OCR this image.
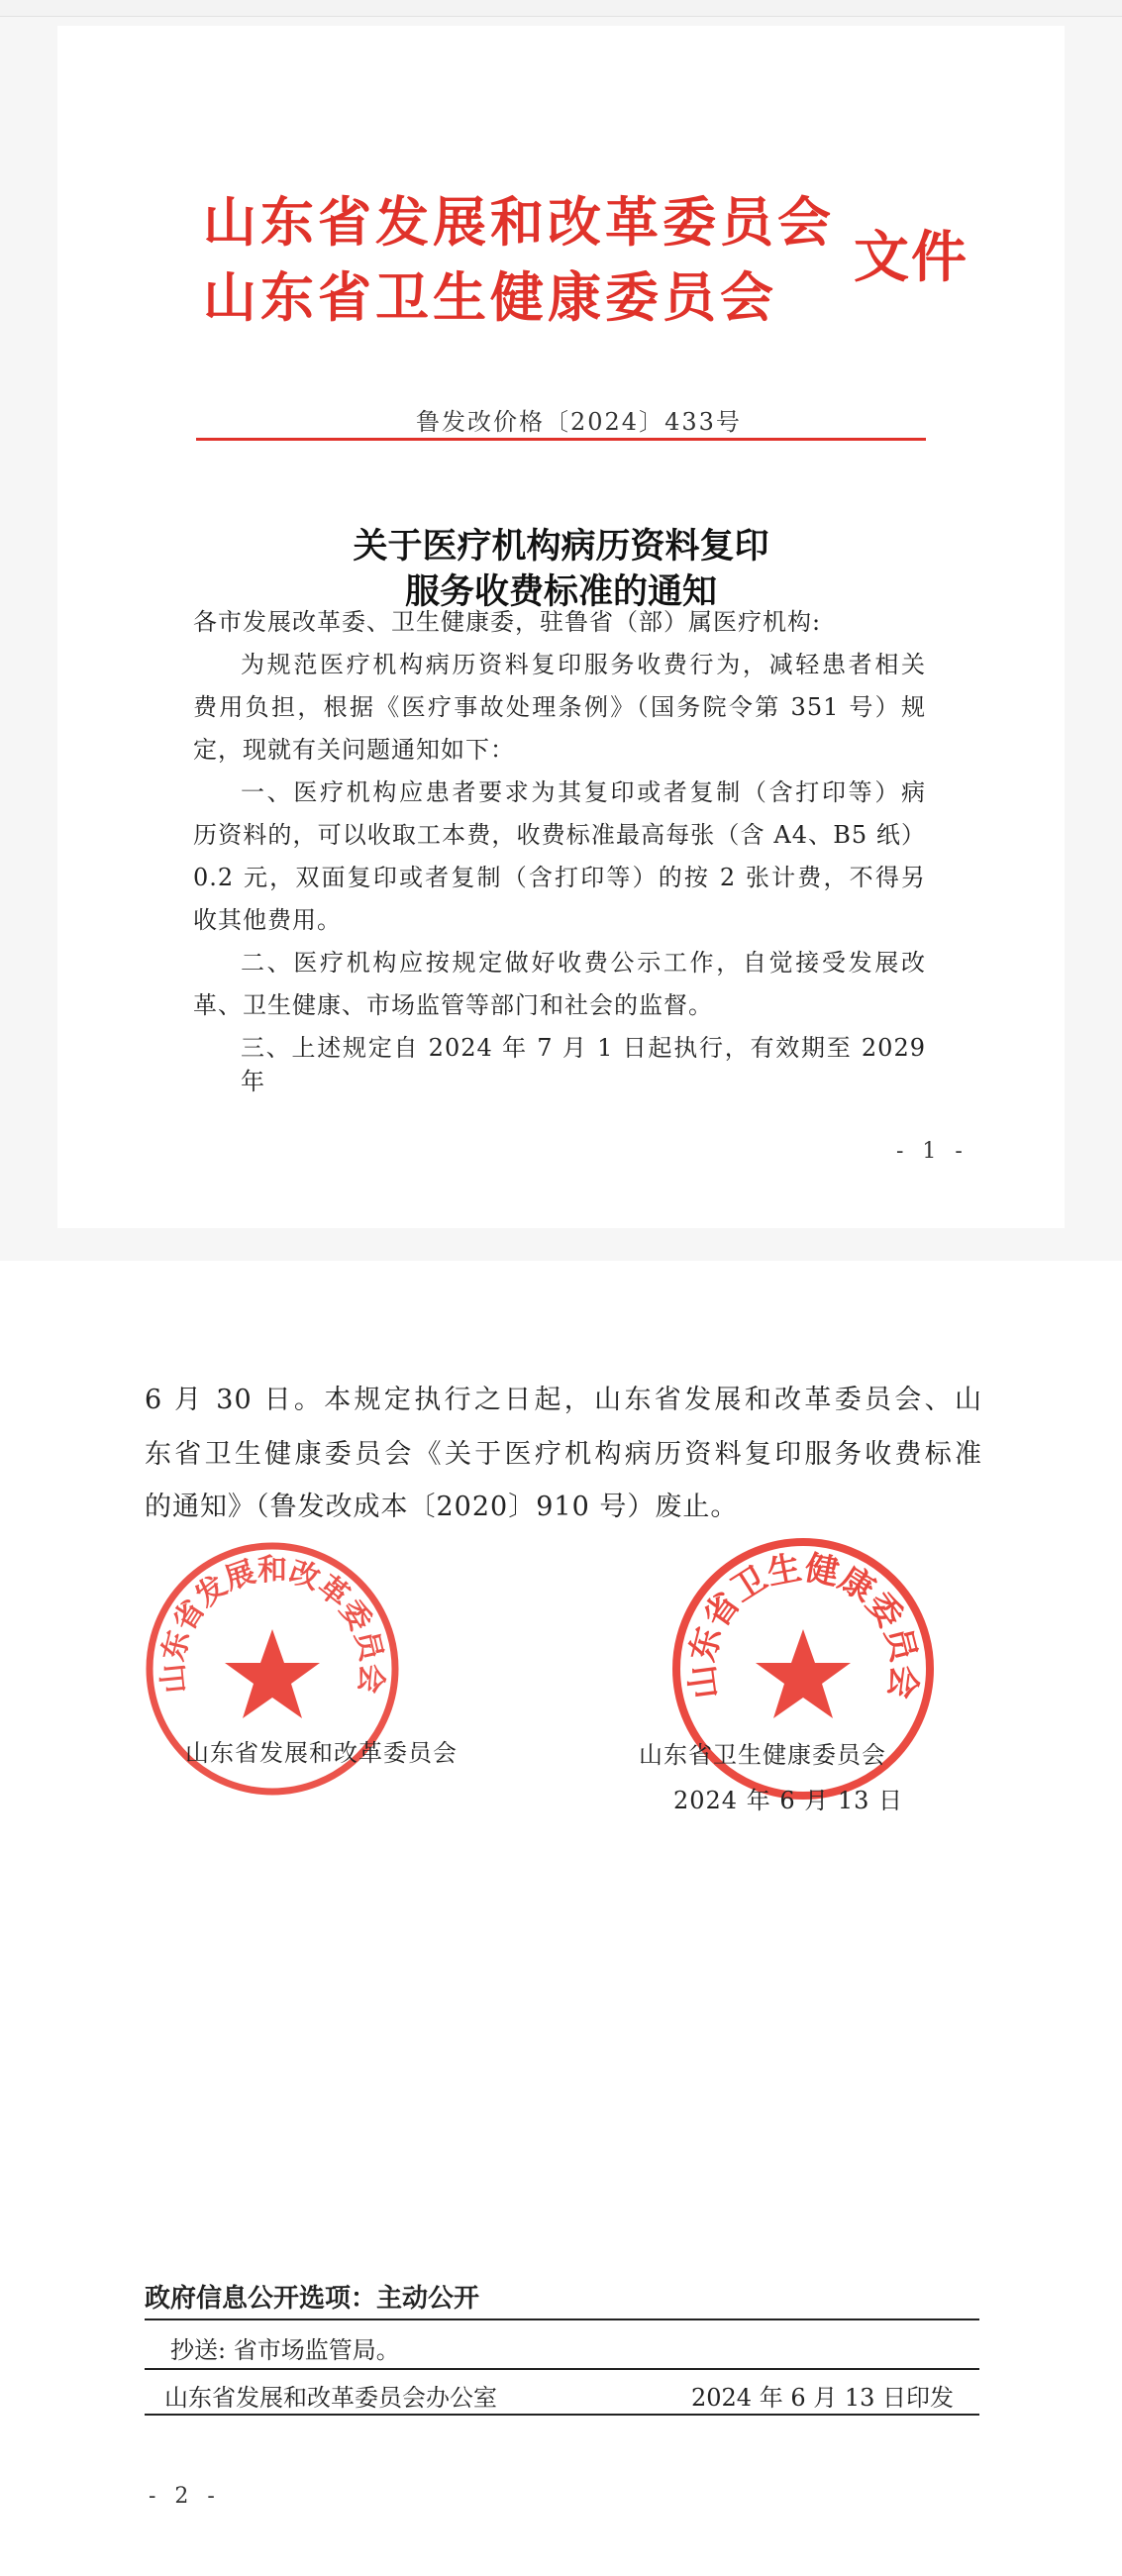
山东省发展和改革委员会
山东省卫生健康委员会
文件
鲁发改价格〔2024〕433号
关于医疗机构病历资料复印
服务收费标准的通知
各市发展改革委、卫生健康委，驻鲁省（部）属医疗机构:
为规范医疗机构病历资料复印服务收费行为，减轻患者相关
费用负担，根据《医疗事故处理条例》（国务院令第 351 号）规
定，现就有关问题通知如下：
一、医疗机构应患者要求为其复印或者复制（含打印等）病
历资料的，可以收取工本费，收费标准最高每张（含 A4、B5 纸）
0.2 元，双面复印或者复制（含打印等）的按 2 张计费，不得另
收其他费用。
二、医疗机构应按规定做好收费公示工作，自觉接受发展改
革、卫生健康、市场监管等部门和社会的监督。
三、上述规定自 2024 年 7 月 1 日起执行，有效期至 2029 年
- 1 -
6 月 30 日。本规定执行之日起，山东省发展和改革委员会、山
东省卫生健康委员会《关于医疗机构病历资料复印服务收费标准
的通知》（鲁发改成本〔2020〕910 号）废止。
山东省发展和改革委员会	山东省卫生健康委员会
山东省发展和改革委员会	山东省卫生健康委员会
2024 年 6 月 13 日
政府信息公开选项：主动公开
抄送: 省市场监管局。
山东省发展和改革委员会办公室	2024 年 6 月 13 日印发
- 2 -
